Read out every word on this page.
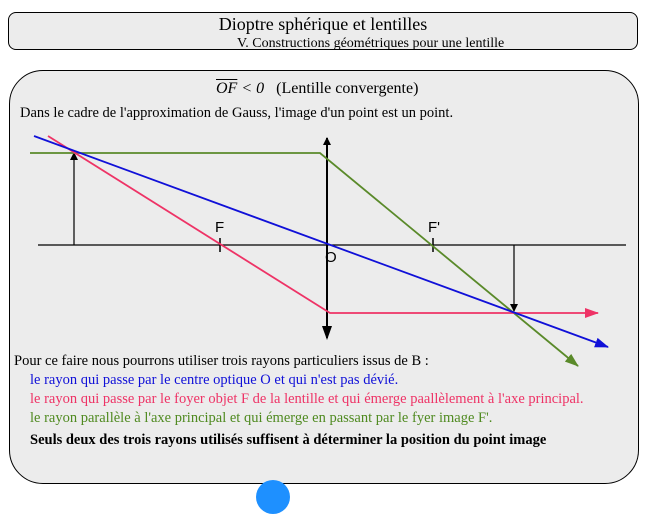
Dioptre sphérique et lentilles
V. Constructions géométriques pour une lentille
$\overline{OF} < 0$ (Lentille convergente)
Dans le cadre de l'approximation de Gauss, l'image d'un point est un point.
F	F'
O
Pour ce faire nous pourrons utiliser trois rayons particuliers issus de B :
le rayon qui passe par le centre optique O et qui n'est pas dévié.
le rayon qui passe par le foyer objet F de la lentille et qui émerge paallèlement à l'axe principal.
le rayon parallèle à l'axe principal et qui émerge en passant par le fyer image F'.
Seuls deux des trois rayons utilisés suffisent à déterminer la position du point image
